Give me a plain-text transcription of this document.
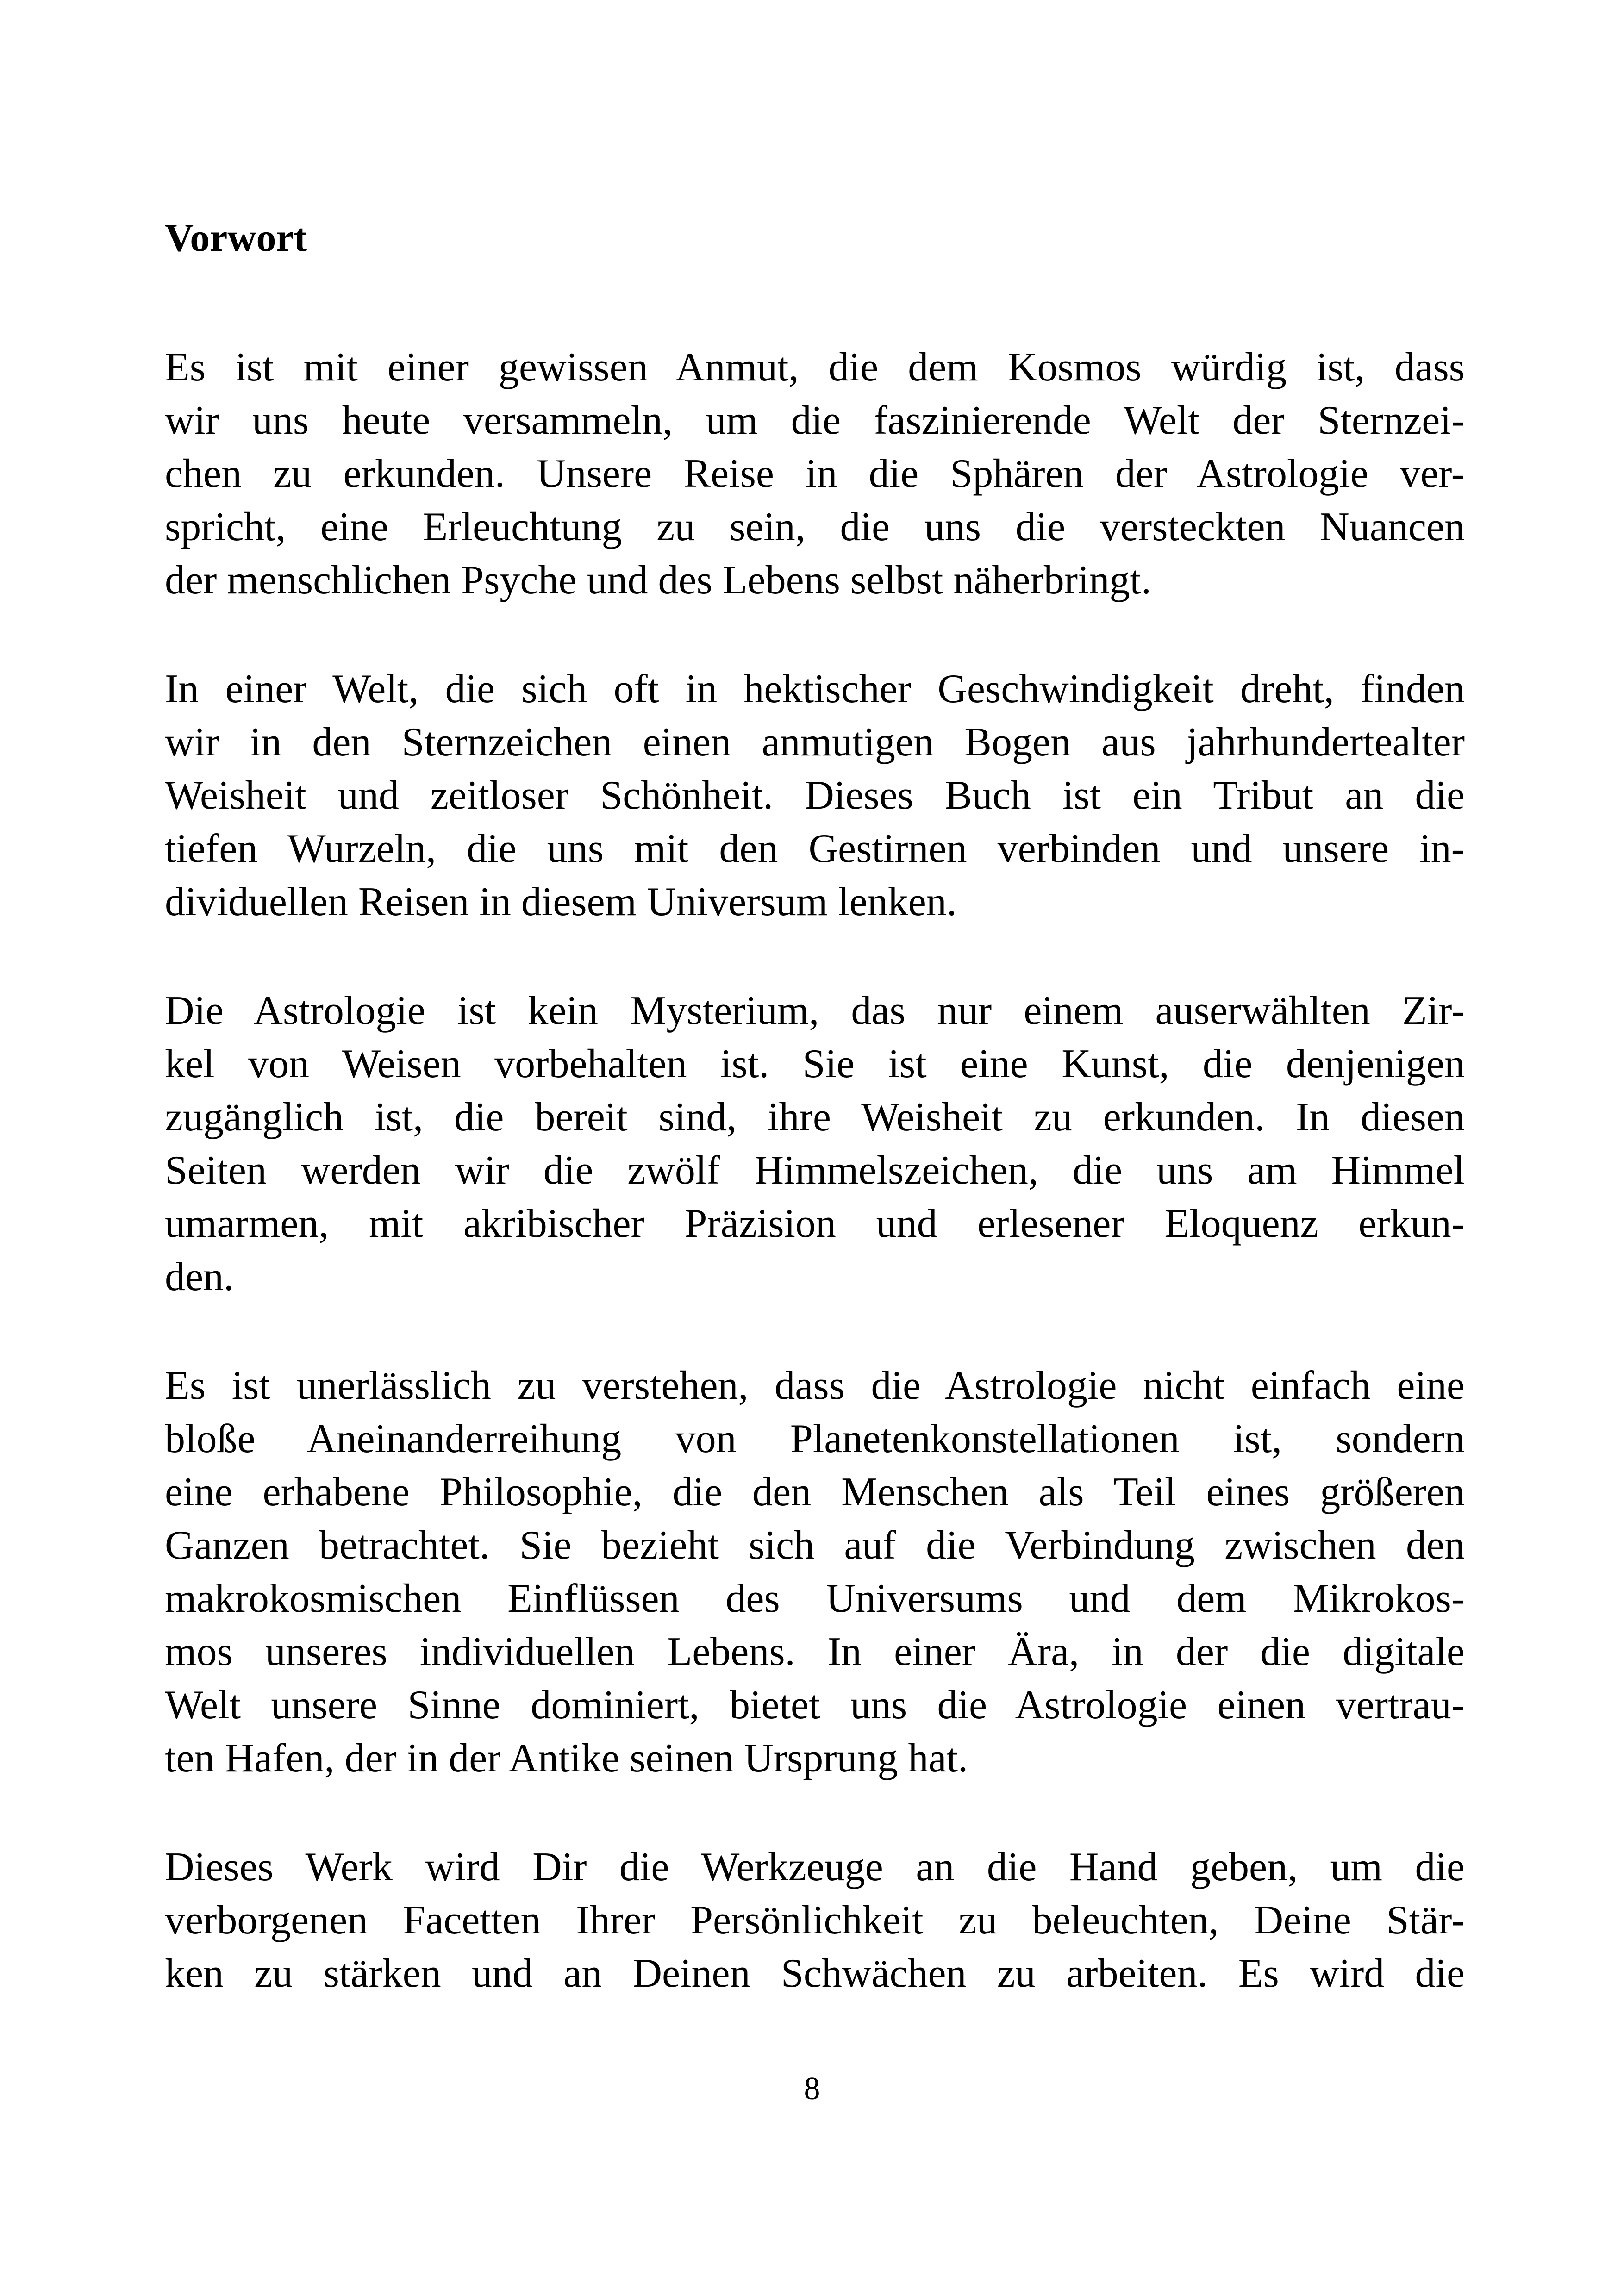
Vorwort

Es ist mit einer gewissen Anmut, die dem Kosmos würdig ist, dass

wir uns heute versammeln, um die faszinierende Welt der Sternzei-

chen zu erkunden. Unsere Reise in die Sphären der Astrologie ver-

spricht, eine Erleuchtung zu sein, die uns die versteckten Nuancen

der menschlichen Psyche und des Lebens selbst näherbringt.

In einer Welt, die sich oft in hektischer Geschwindigkeit dreht, finden

wir in den Sternzeichen einen anmutigen Bogen aus jahrhundertealter

Weisheit und zeitloser Schönheit. Dieses Buch ist ein Tribut an die

tiefen Wurzeln, die uns mit den Gestirnen verbinden und unsere in-

dividuellen Reisen in diesem Universum lenken.

Die Astrologie ist kein Mysterium, das nur einem auserwählten Zir-

kel von Weisen vorbehalten ist. Sie ist eine Kunst, die denjenigen

zugänglich ist, die bereit sind, ihre Weisheit zu erkunden. In diesen

Seiten werden wir die zwölf Himmelszeichen, die uns am Himmel

umarmen, mit akribischer Präzision und erlesener Eloquenz erkun-

den.

Es ist unerlässlich zu verstehen, dass die Astrologie nicht einfach eine

bloße Aneinanderreihung von Planetenkonstellationen ist, sondern

eine erhabene Philosophie, die den Menschen als Teil eines größeren

Ganzen betrachtet. Sie bezieht sich auf die Verbindung zwischen den

makrokosmischen Einflüssen des Universums und dem Mikrokos-

mos unseres individuellen Lebens. In einer Ära, in der die digitale

Welt unsere Sinne dominiert, bietet uns die Astrologie einen vertrau-

ten Hafen, der in der Antike seinen Ursprung hat.

Dieses Werk wird Dir die Werkzeuge an die Hand geben, um die

verborgenen Facetten Ihrer Persönlichkeit zu beleuchten, Deine Stär-

ken zu stärken und an Deinen Schwächen zu arbeiten. Es wird die

8
